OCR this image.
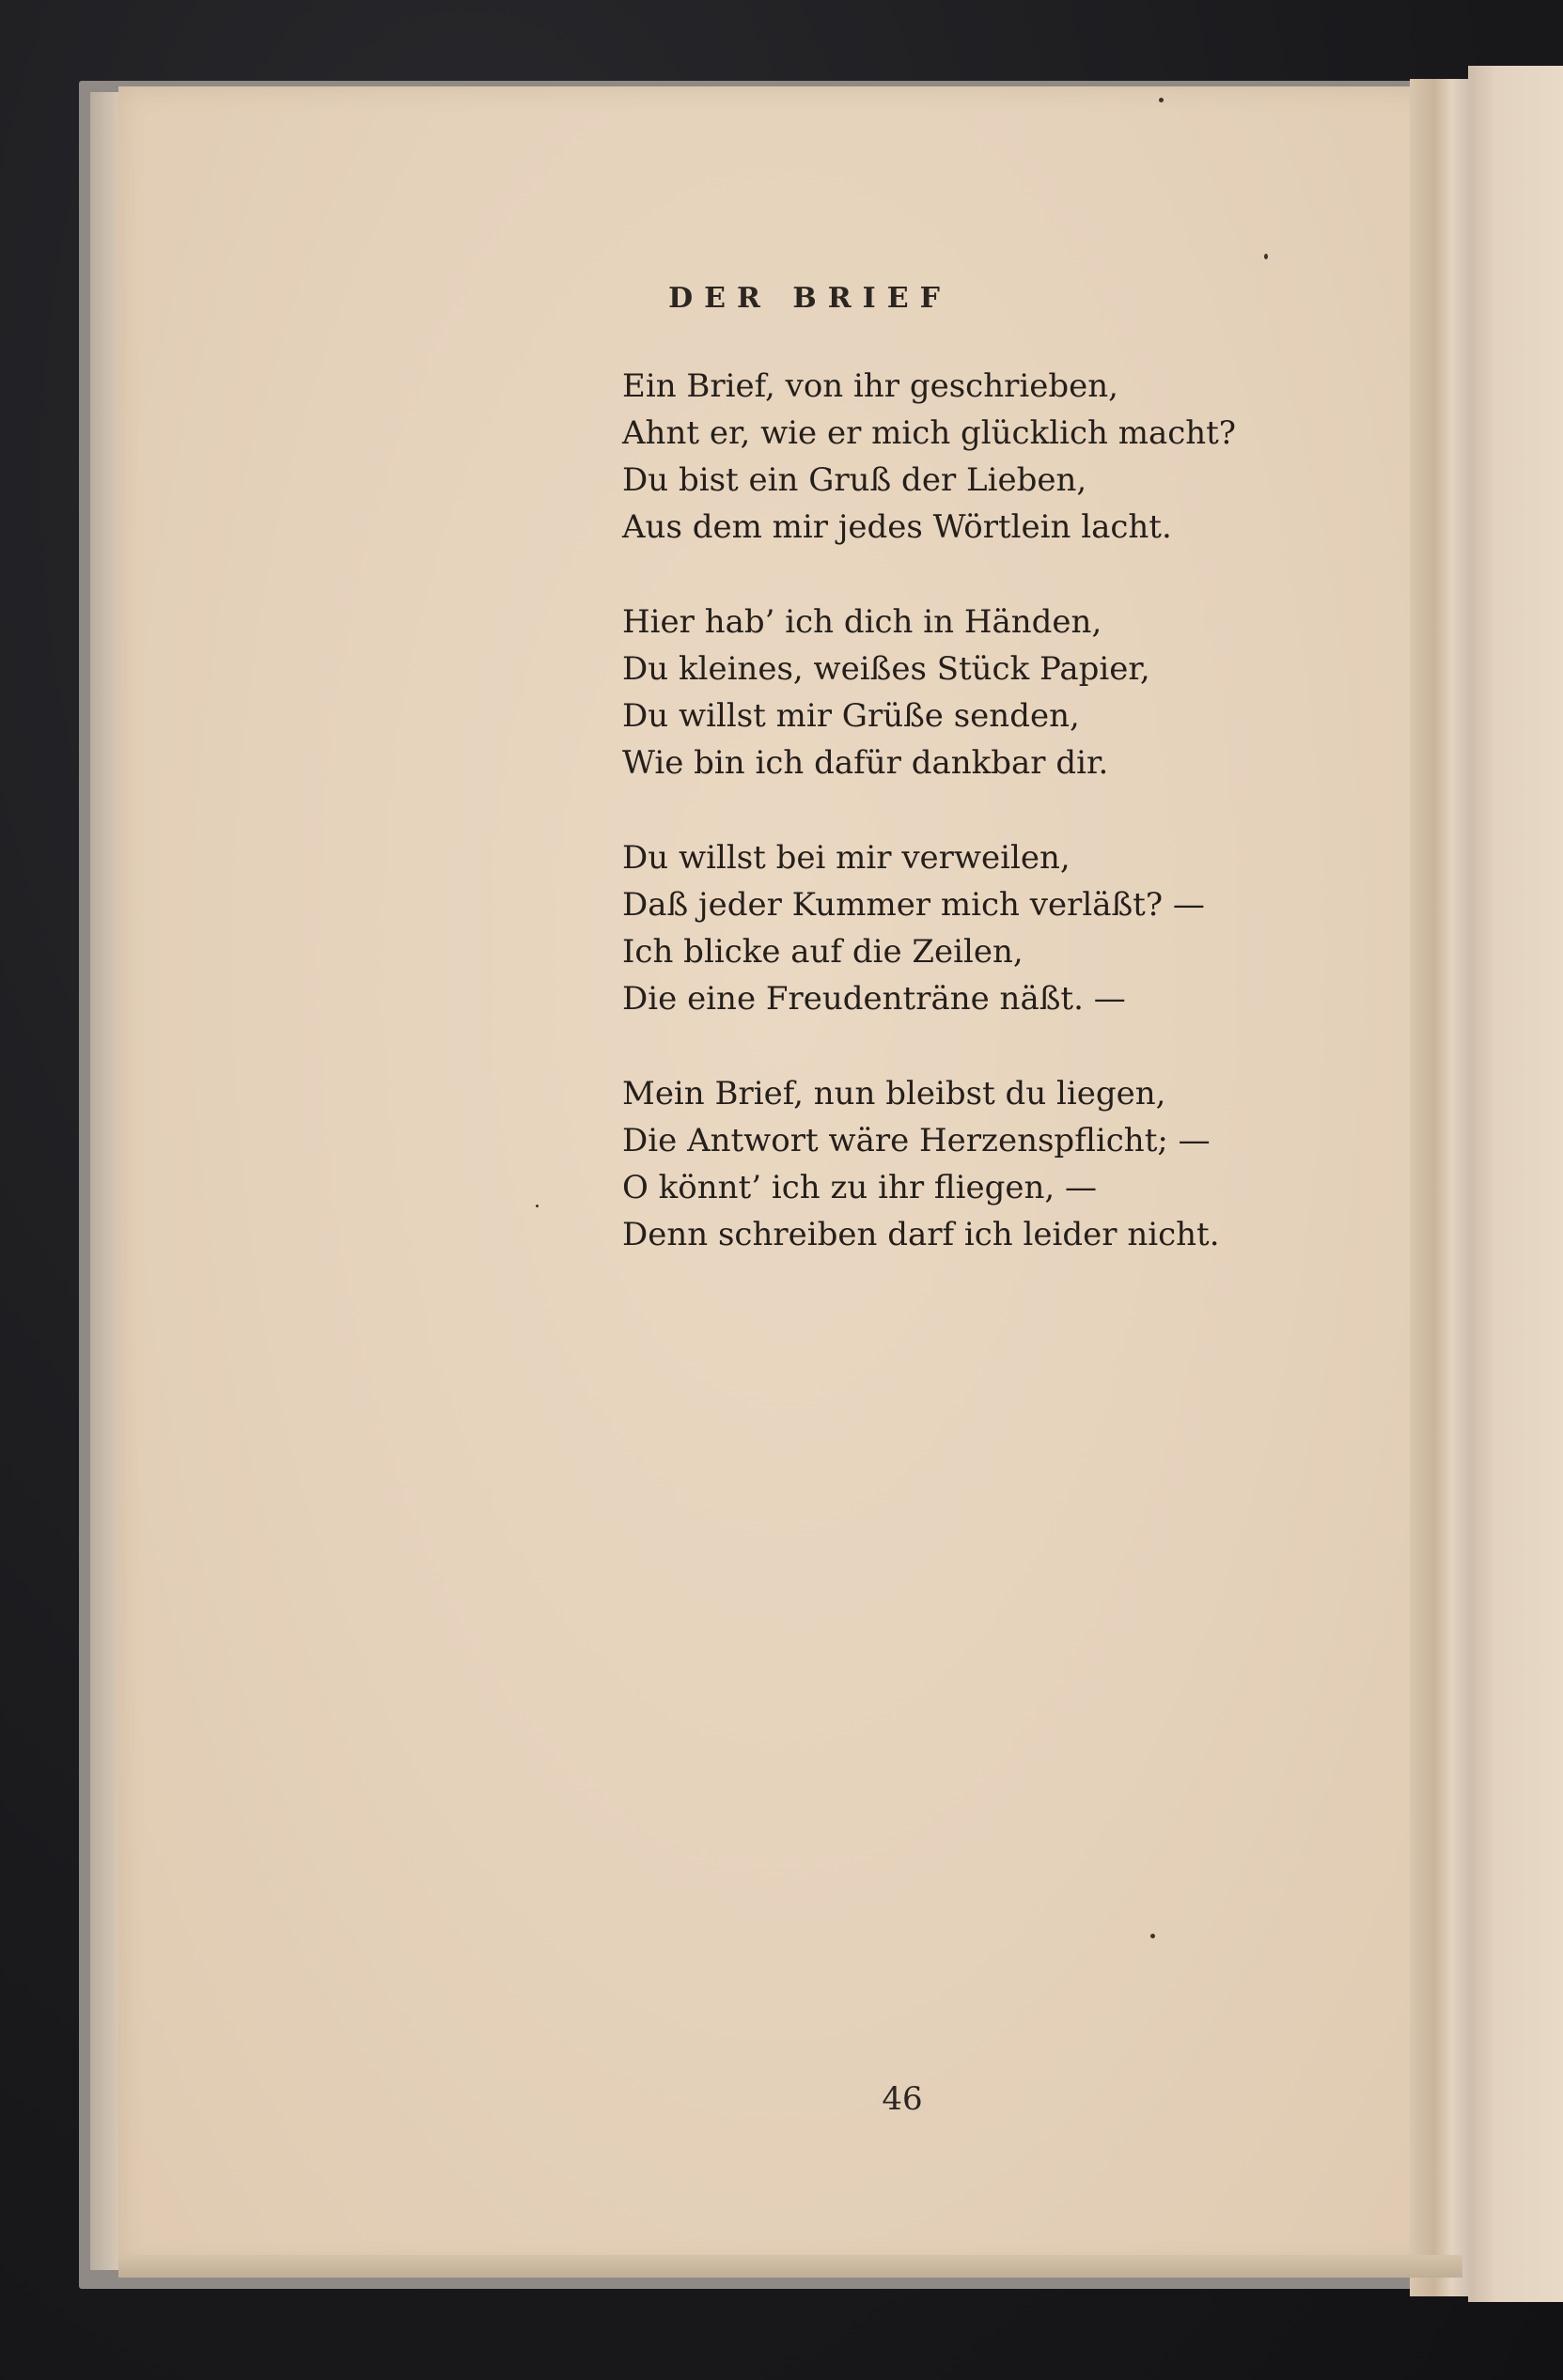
DER BRIEF
Ein Brief, von ihr geschrieben,
Ahnt er, wie er mich glücklich macht?
Du bist ein Gruß der Lieben,
Aus dem mir jedes Wörtlein lacht.
Hier hab’ ich dich in Händen,
Du kleines, weißes Stück Papier,
Du willst mir Grüße senden,
Wie bin ich dafür dankbar dir.
Du willst bei mir verweilen,
Daß jeder Kummer mich verläßt? —
Ich blicke auf die Zeilen,
Die eine Freudenträne näßt. —
Mein Brief, nun bleibst du liegen,
Die Antwort wäre Herzenspflicht; —
O könnt’ ich zu ihr fliegen, —
Denn schreiben darf ich leider nicht.
46
